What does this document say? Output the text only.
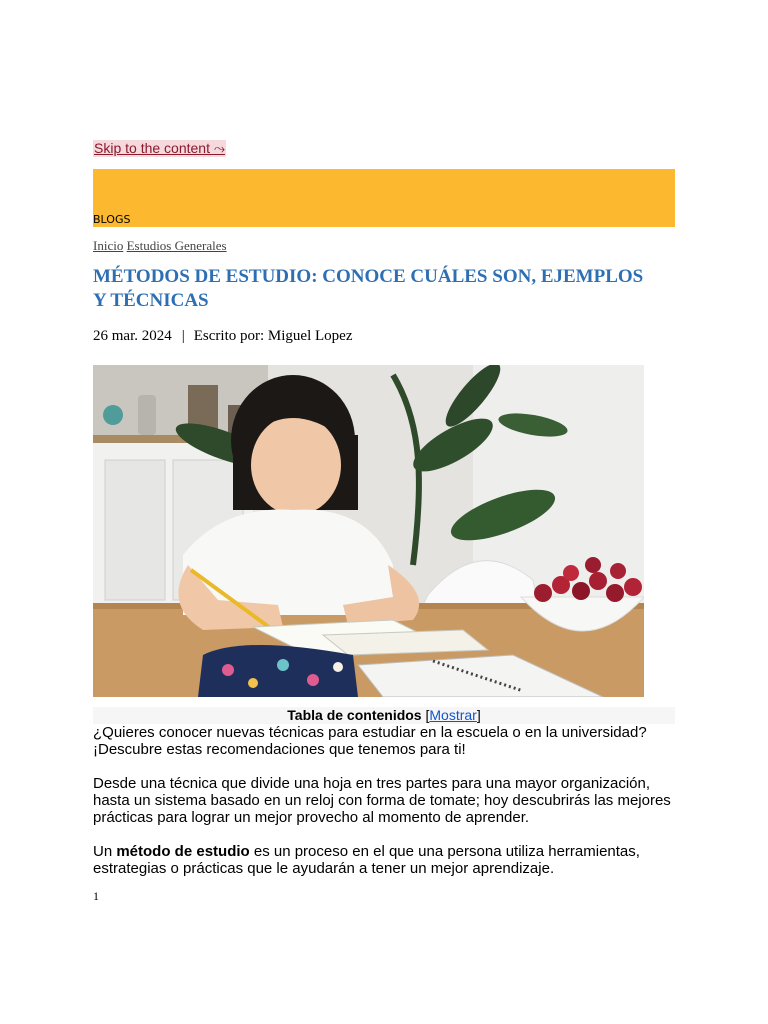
Skip to the content ⤳
BLOGS
Inicio Estudios Generales
MÉTODOS DE ESTUDIO: CONOCE CUÁLES SON, EJEMPLOS Y TÉCNICAS
26 mar. 2024 | Escrito por: Miguel Lopez
Tabla de contenidos [Mostrar]

¿Quieres conocer nuevas técnicas para estudiar en la escuela o en la universidad? ¡Descubre estas recomendaciones que tenemos para ti!

Desde una técnica que divide una hoja en tres partes para una mayor organización, hasta un sistema basado en un reloj con forma de tomate; hoy descubrirás las mejores prácticas para lograr un mejor provecho al momento de aprender.

Un método de estudio es un proceso en el que una persona utiliza herramientas, estrategias o prácticas que le ayudarán a tener un mejor aprendizaje.

1
